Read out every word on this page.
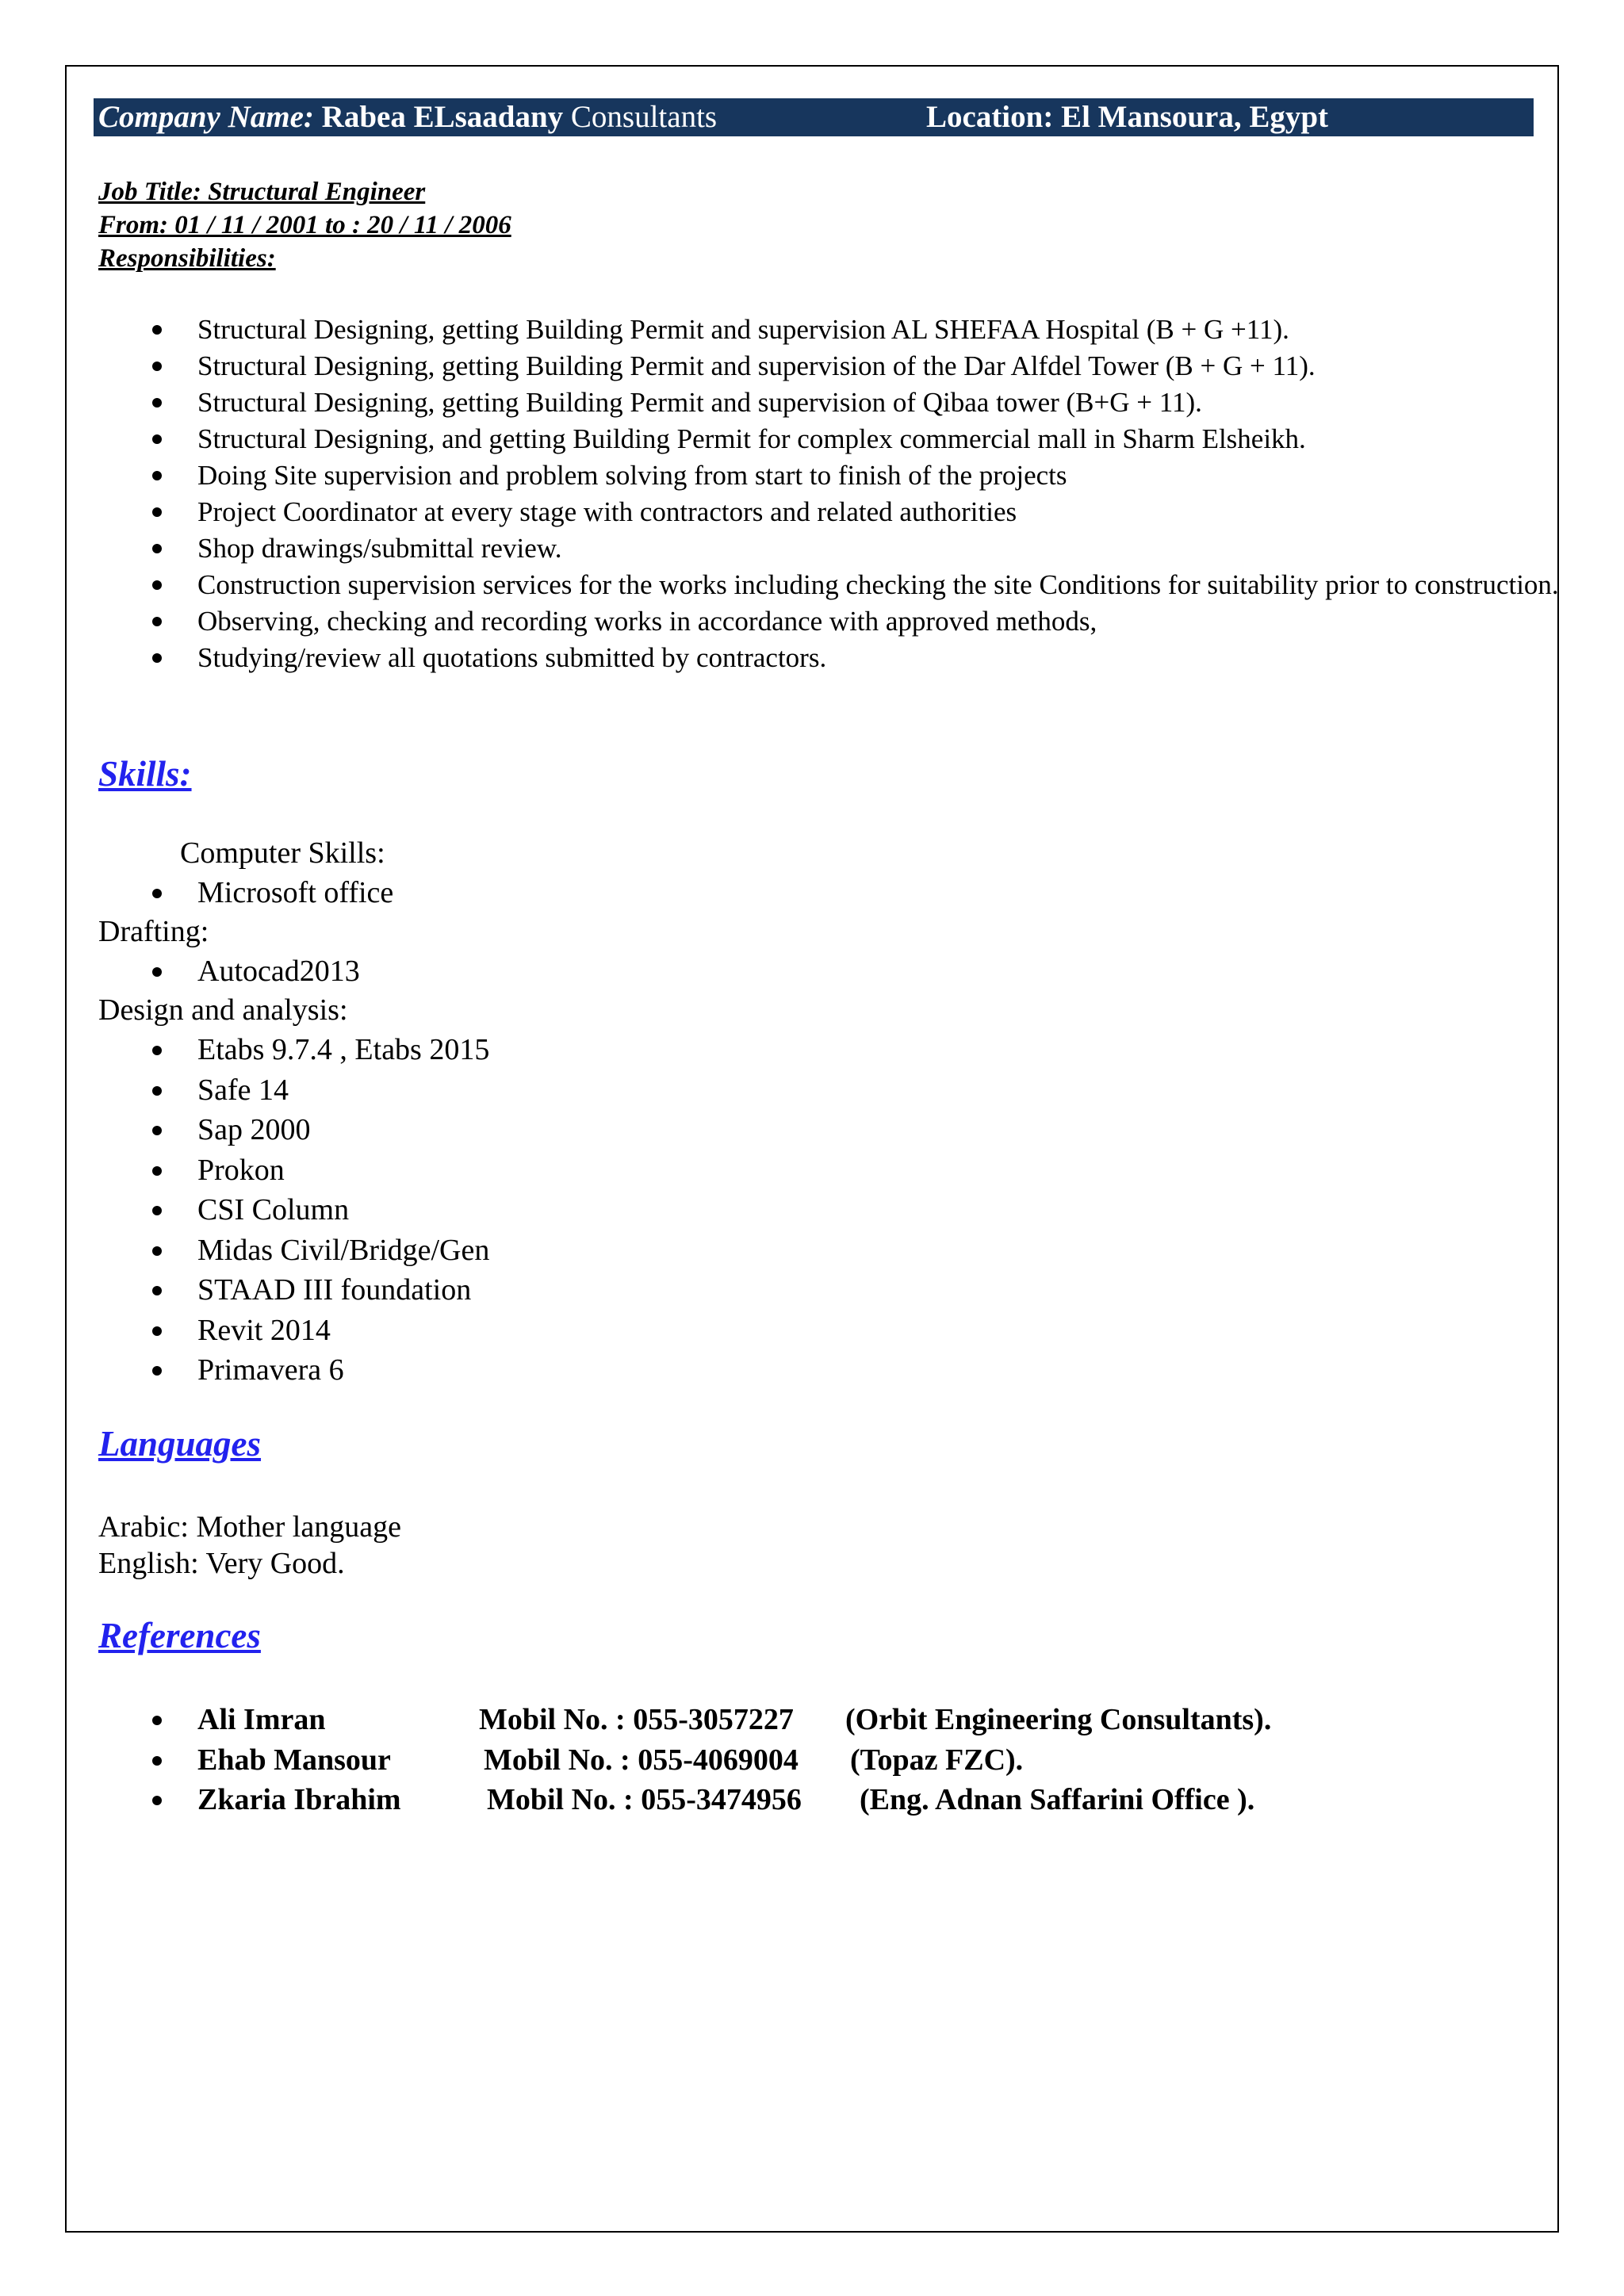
Company Name: Rabea ELsaadany Consultants	Location: El Mansoura, Egypt
Job Title: Structural Engineer
From: 01 / 11 / 2001 to : 20 / 11 / 2006
Responsibilities:
Structural Designing, getting Building Permit and supervision AL SHEFAA Hospital (B + G +11).
Structural Designing, getting Building Permit and supervision of the Dar Alfdel Tower (B + G + 11).
Structural Designing, getting Building Permit and supervision of Qibaa tower (B+G + 11).
Structural Designing, and getting Building Permit for complex commercial mall in Sharm Elsheikh.
Doing Site supervision and problem solving from start to finish of the projects
Project Coordinator at every stage with contractors and related authorities
Shop drawings/submittal review.
Construction supervision services for the works including checking the site Conditions for suitability prior to construction.
Observing, checking and recording works in accordance with approved methods,
Studying/review all quotations submitted by contractors.
Skills:
Computer Skills:
Microsoft office
Drafting:
Autocad2013
Design and analysis:
Etabs 9.7.4 , Etabs 2015
Safe 14
Sap 2000
Prokon
CSI Column
Midas Civil/Bridge/Gen
STAAD III foundation
Revit 2014
Primavera 6
Languages
Arabic: Mother language
English: Very Good.
References
Ali Imran	Mobil No. : 055-3057227 (Orbit Engineering Consultants).
Ehab Mansour	Mobil No. : 055-4069004 (Topaz FZC).
Zkaria Ibrahim	Mobil No. : 055-3474956 (Eng. Adnan Saffarini Office ).
